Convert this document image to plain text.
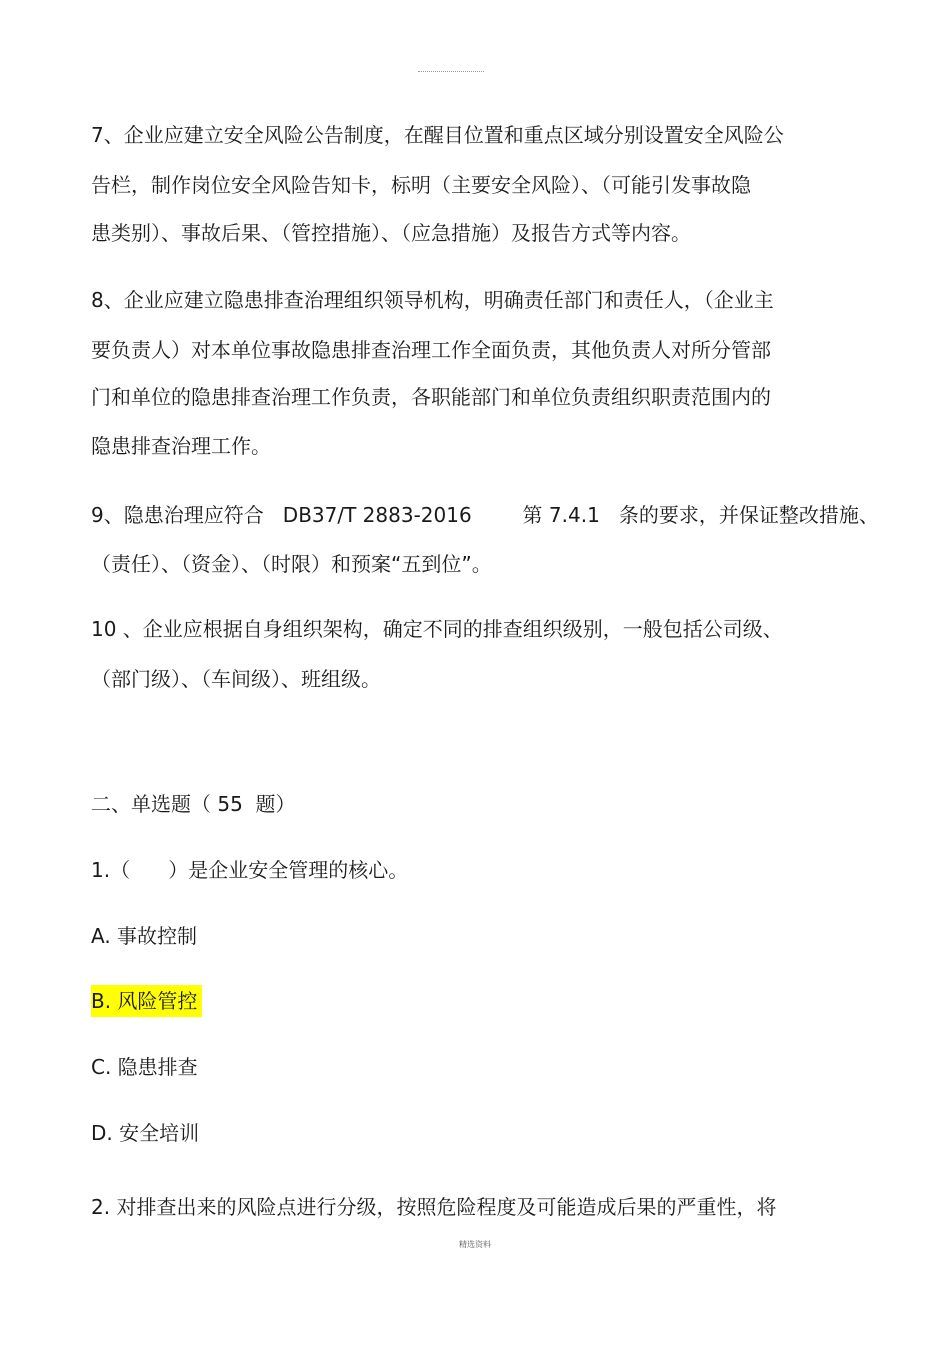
7、企业应建立安全风险公告制度，在醒目位置和重点区域分别设置安全风险公
告栏，制作岗位安全风险告知卡，标明（主要安全风险）、（可能引发事故隐
患类别）、事故后果、（管控措施）、（应急措施）及报告方式等内容。
8、企业应建立隐患排查治理组织领导机构，明确责任部门和责任人，（企业主
要负责人）对本单位事故隐患排查治理工作全面负责，其他负责人对所分管部
门和单位的隐患排查治理工作负责，各职能部门和单位负责组织职责范围内的
隐患排查治理工作。
9、隐患治理应符合   DB37/T 2883-2016        第 7.4.1   条的要求，并保证整改措施、
（责任）、（资金）、（时限）和预案“五到位”。
10 、企业应根据自身组织架构，确定不同的排查组织级别，一般包括公司级、
（部门级）、（车间级）、班组级。
二、单选题（ 55  题）
1.（      ）是企业安全管理的核心。
A. 事故控制
B. 风险管控
C. 隐患排查
D. 安全培训
2. 对排查出来的风险点进行分级，按照危险程度及可能造成后果的严重性，将
精选资料
